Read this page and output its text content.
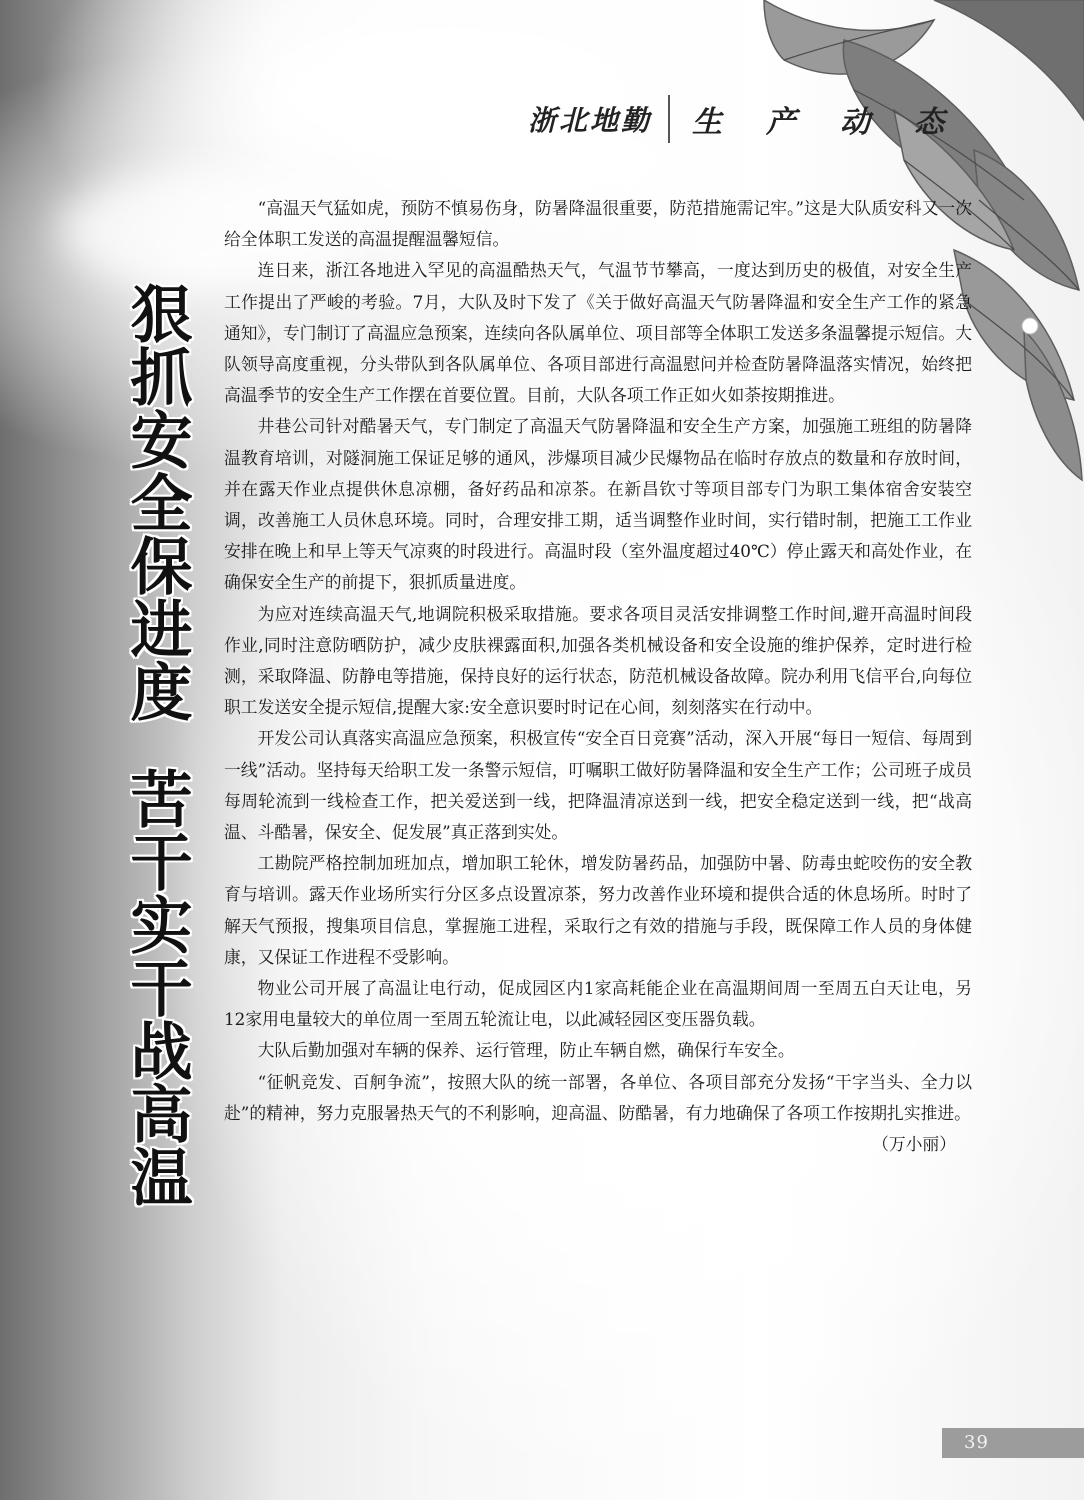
浙北地勤 生产动态
狠抓安全保进度苦干实干战高温

“高温天气猛如虎，预防不慎易伤身，防暑降温很重要，防范措施需记牢。”这是大队质安科又一次给全体职工发送的高温提醒温馨短信。

连日来，浙江各地进入罕见的高温酷热天气，气温节节攀高，一度达到历史的极值，对安全生产工作提出了严峻的考验。7月，大队及时下发了《关于做好高温天气防暑降温和安全生产工作的紧急通知》，专门制订了高温应急预案，连续向各队属单位、项目部等全体职工发送多条温馨提示短信。大队领导高度重视，分头带队到各队属单位、各项目部进行高温慰问并检查防暑降温落实情况，始终把高温季节的安全生产工作摆在首要位置。目前，大队各项工作正如火如荼按期推进。

井巷公司针对酷暑天气，专门制定了高温天气防暑降温和安全生产方案，加强施工班组的防暑降温教育培训，对隧洞施工保证足够的通风，涉爆项目减少民爆物品在临时存放点的数量和存放时间，并在露天作业点提供休息凉棚，备好药品和凉茶。在新昌钦寸等项目部专门为职工集体宿舍安装空调，改善施工人员休息环境。同时，合理安排工期，适当调整作业时间，实行错时制，把施工工作业安排在晚上和早上等天气凉爽的时段进行。高温时段（室外温度超过40℃）停止露天和高处作业，在确保安全生产的前提下，狠抓质量进度。

为应对连续高温天气,地调院积极采取措施。要求各项目灵活安排调整工作时间,避开高温时间段作业,同时注意防晒防护，减少皮肤裸露面积,加强各类机械设备和安全设施的维护保养，定时进行检测，采取降温、防静电等措施，保持良好的运行状态，防范机械设备故障。院办利用飞信平台,向每位职工发送安全提示短信,提醒大家:安全意识要时时记在心间，刻刻落实在行动中。

开发公司认真落实高温应急预案，积极宣传“安全百日竞赛”活动，深入开展“每日一短信、每周到一线”活动。坚持每天给职工发一条警示短信，叮嘱职工做好防暑降温和安全生产工作；公司班子成员每周轮流到一线检查工作，把关爱送到一线，把降温清凉送到一线，把安全稳定送到一线，把“战高温、斗酷暑，保安全、促发展”真正落到实处。

工勘院严格控制加班加点，增加职工轮休，增发防暑药品，加强防中暑、防毒虫蛇咬伤的安全教育与培训。露天作业场所实行分区多点设置凉茶，努力改善作业环境和提供合适的休息场所。时时了解天气预报，搜集项目信息，掌握施工进程，采取行之有效的措施与手段，既保障工作人员的身体健康，又保证工作进程不受影响。

物业公司开展了高温让电行动，促成园区内1家高耗能企业在高温期间周一至周五白天让电，另12家用电量较大的单位周一至周五轮流让电，以此减轻园区变压器负载。

大队后勤加强对车辆的保养、运行管理，防止车辆自燃，确保行车安全。

“征帆竞发、百舸争流”，按照大队的统一部署，各单位、各项目部充分发扬“干字当头、全力以赴”的精神，努力克服暑热天气的不利影响，迎高温、防酷暑，有力地确保了各项工作按期扎实推进。
（万小丽）

39
